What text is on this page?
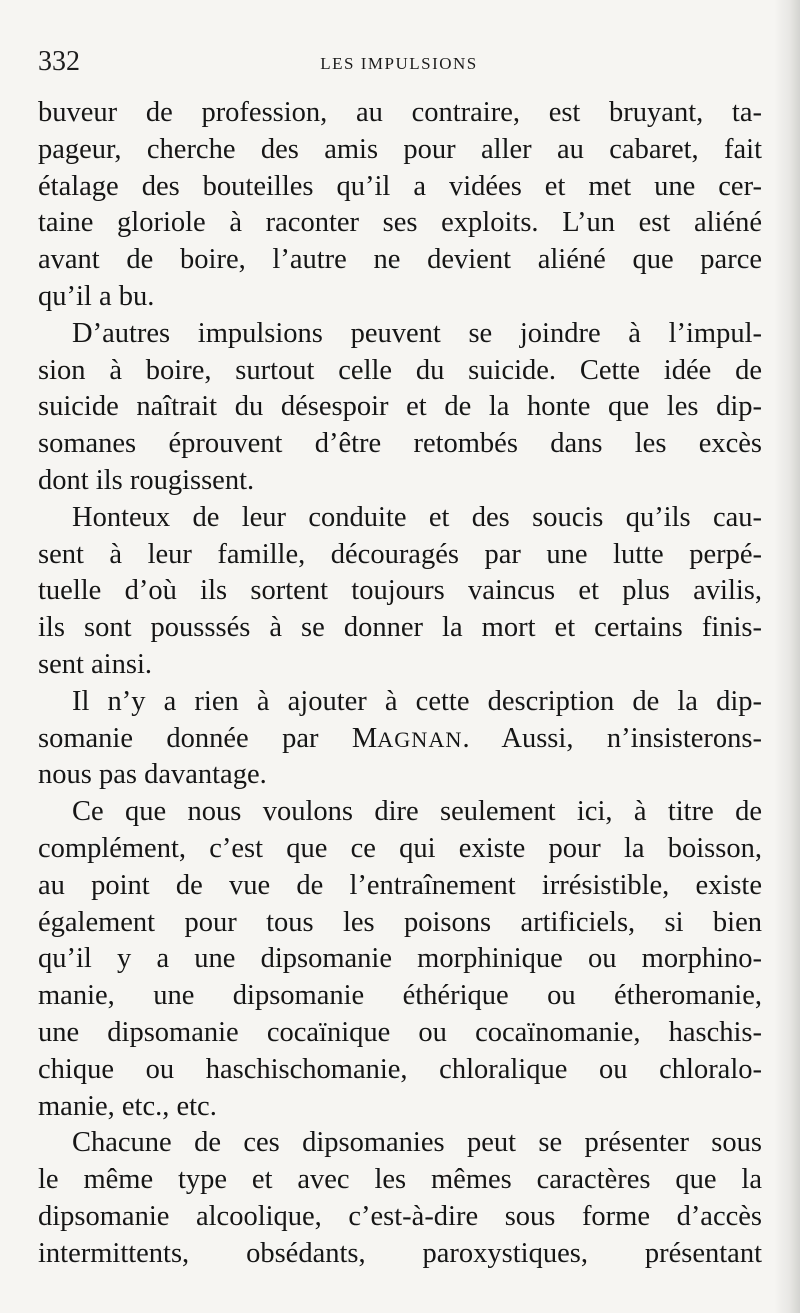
332	LES IMPULSIONS
buveur de profession, au contraire, est bruyant, ta-
pageur, cherche des amis pour aller au cabaret, fait
étalage des bouteilles qu’il a vidées et met une cer-
taine gloriole à raconter ses exploits. L’un est aliéné
avant de boire, l’autre ne devient aliéné que parce
qu’il a bu.
D’autres impulsions peuvent se joindre à l’impul-
sion à boire, surtout celle du suicide. Cette idée de
suicide naîtrait du désespoir et de la honte que les dip-
somanes éprouvent d’être retombés dans les excès
dont ils rougissent.
Honteux de leur conduite et des soucis qu’ils cau-
sent à leur famille, découragés par une lutte perpé-
tuelle d’où ils sortent toujours vaincus et plus avilis,
ils sont pousssés à se donner la mort et certains finis-
sent ainsi.
Il n’y a rien à ajouter à cette description de la dip-
somanie donnée par MAGNAN. Aussi, n’insisterons-
nous pas davantage.
Ce que nous voulons dire seulement ici, à titre de
complément, c’est que ce qui existe pour la boisson,
au point de vue de l’entraînement irrésistible, existe
également pour tous les poisons artificiels, si bien
qu’il y a une dipsomanie morphinique ou morphino-
manie, une dipsomanie éthérique ou étheromanie,
une dipsomanie cocaïnique ou cocaïnomanie, haschis-
chique ou haschischomanie, chloralique ou chloralo-
manie, etc., etc.
Chacune de ces dipsomanies peut se présenter sous
le même type et avec les mêmes caractères que la
dipsomanie alcoolique, c’est-à-dire sous forme d’accès
intermittents, obsédants, paroxystiques, présentant
